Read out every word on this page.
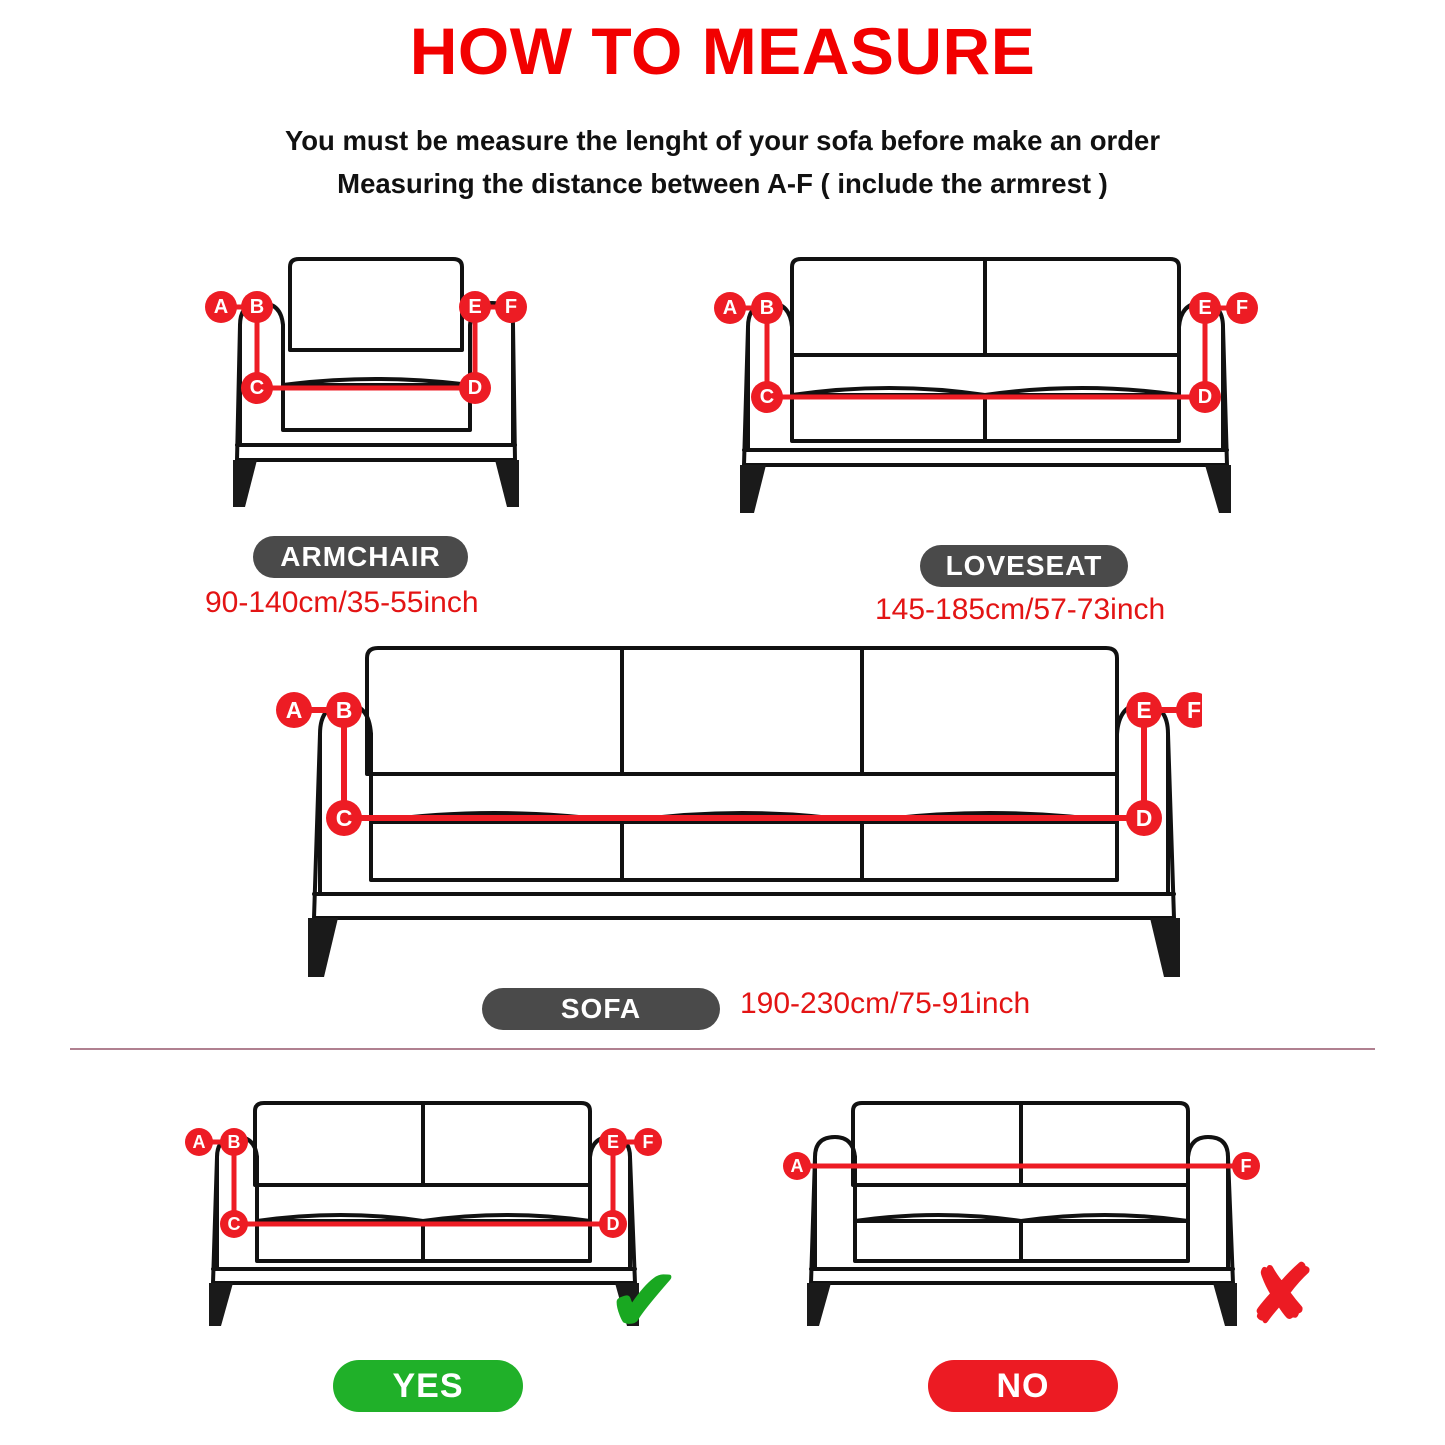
HOW TO MEASURE
You must be measure the lenght of your sofa before make an order
Measuring the distance between A-F ( include the armrest )
A B
C	D
E F
ARMCHAIR
90-140cm/35-55inch
A B
C	D
E F
LOVESEAT
145-185cm/57-73inch
A B
C	D
E F
SOFA	190-230cm/75-91inch
A B
C	D
E F
✔
YES
A	F
✘
NO
